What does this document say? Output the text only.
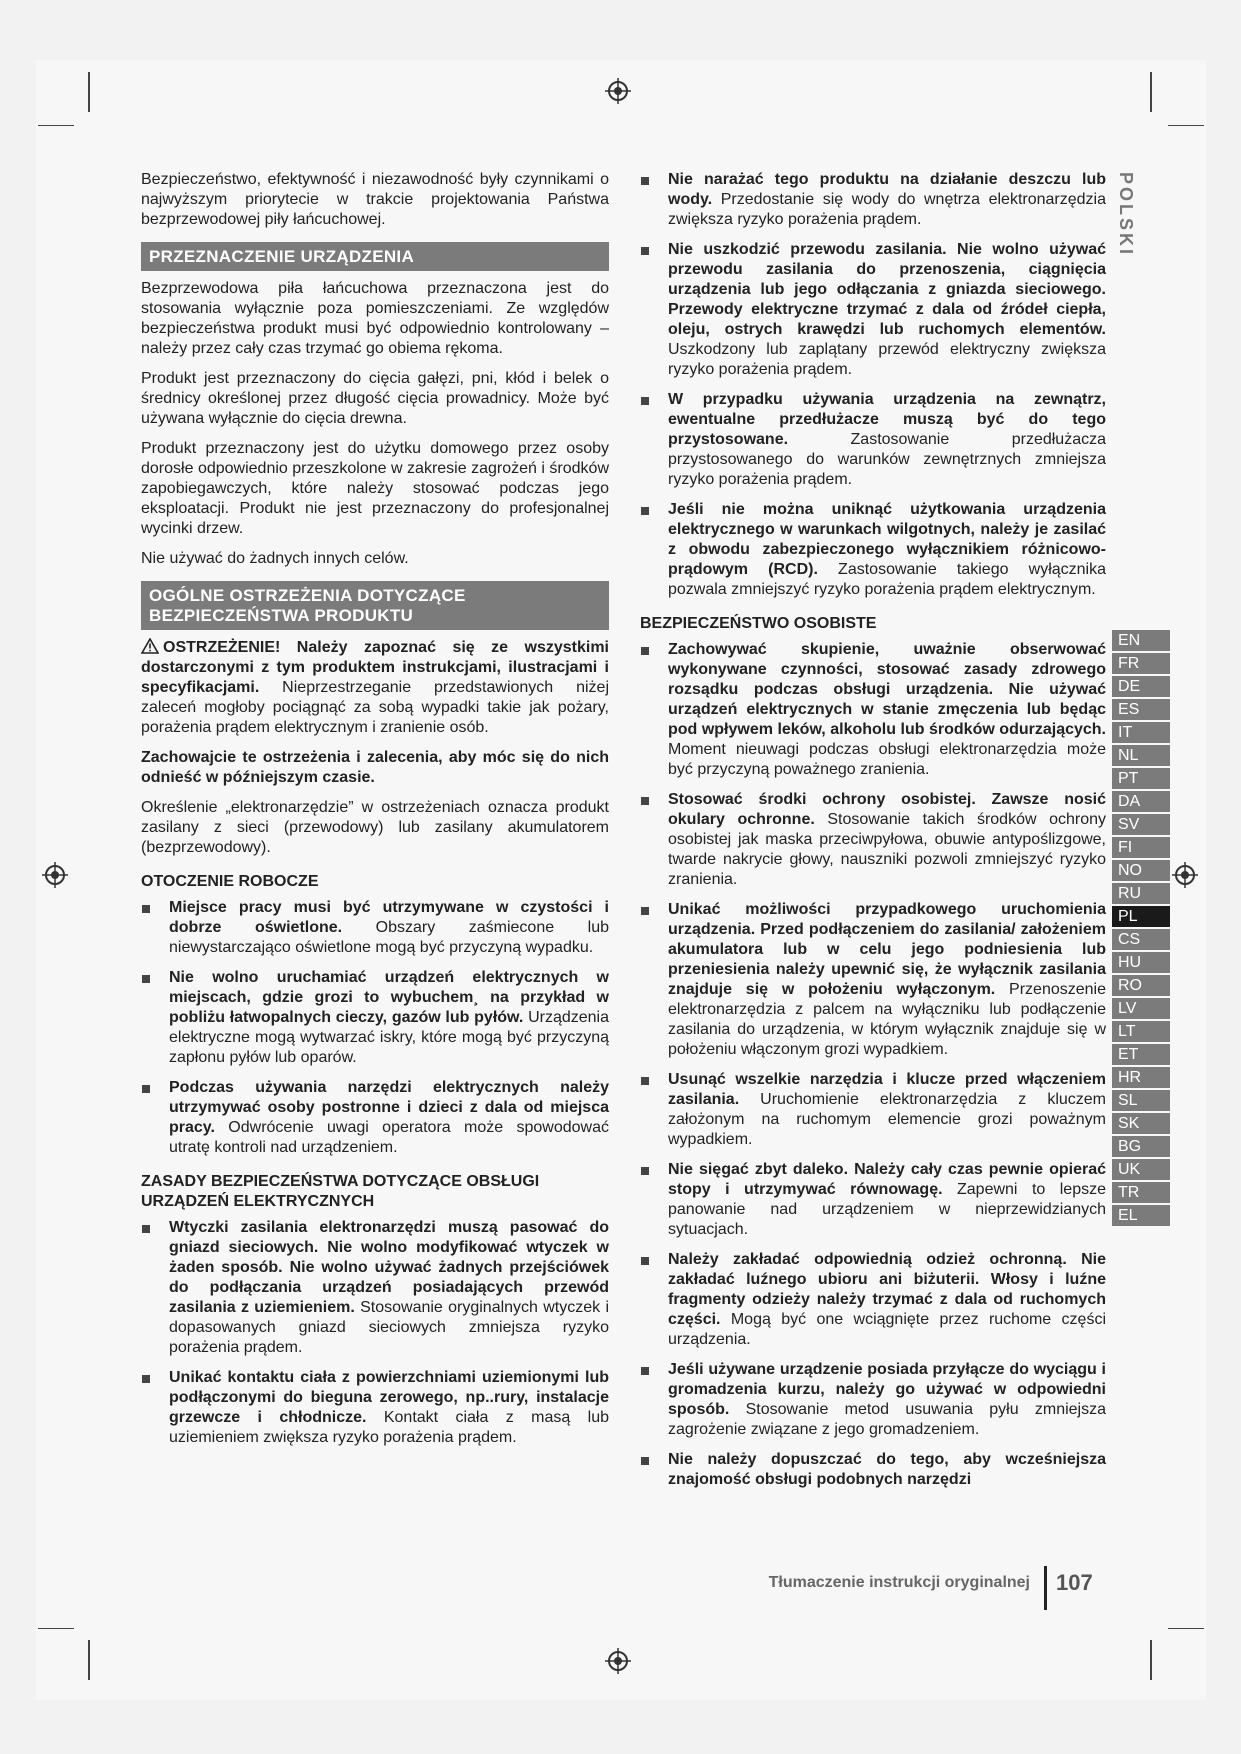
Bezpieczeństwo, efektywność i niezawodność były czynnikami o najwyższym priorytecie w trakcie projektowania Państwa bezprzewodowej piły łańcuchowej.

PRZEZNACZENIE URZĄDZENIA

Bezprzewodowa piła łańcuchowa przeznaczona jest do stosowania wyłącznie poza pomieszczeniami. Ze względów bezpieczeństwa produkt musi być odpowiednio kontrolowany – należy przez cały czas trzymać go obiema rękoma.

Produkt jest przeznaczony do cięcia gałęzi, pni, kłód i belek o średnicy określonej przez długość cięcia prowadnicy. Może być używana wyłącznie do cięcia drewna.

Produkt przeznaczony jest do użytku domowego przez osoby dorosłe odpowiednio przeszkolone w zakresie zagrożeń i środków zapobiegawczych, które należy stosować podczas jego eksploatacji. Produkt nie jest przeznaczony do profesjonalnej wycinki drzew.

Nie używać do żadnych innych celów.

OGÓLNE OSTRZEŻENIA DOTYCZĄCE
BEZPIECZEŃSTWA PRODUKTU

OSTRZEŻENIE! Należy zapoznać się ze wszystkimi dostarczonymi z tym produktem instrukcjami, ilustracjami i specyfikacjami. Nieprzestrzeganie przedstawionych niżej zaleceń mogłoby pociągnąć za sobą wypadki takie jak pożary, porażenia prądem elektrycznym i zranienie osób.

Zachowajcie te ostrzeżenia i zalecenia, aby móc się do nich odnieść w późniejszym czasie.

Określenie „elektronarzędzie” w ostrzeżeniach oznacza produkt zasilany z sieci (przewodowy) lub zasilany akumulatorem (bezprzewodowy).

OTOCZENIE ROBOCZE
Miejsce pracy musi być utrzymywane w czystości i dobrze oświetlone. Obszary zaśmiecone lub niewystarczająco oświetlone mogą być przyczyną wypadku.
Nie wolno uruchamiać urządzeń elektrycznych w miejscach, gdzie grozi to wybuchem¸ na przykład w pobliżu łatwopalnych cieczy, gazów lub pyłów. Urządzenia elektryczne mogą wytwarzać iskry, które mogą być przyczyną zapłonu pyłów lub oparów.
Podczas używania narzędzi elektrycznych należy utrzymywać osoby postronne i dzieci z dala od miejsca pracy. Odwrócenie uwagi operatora może spowodować utratę kontroli nad urządzeniem.
ZASADY BEZPIECZEŃSTWA DOTYCZĄCE OBSŁUGI URZĄDZEŃ ELEKTRYCZNYCH
Wtyczki zasilania elektronarzędzi muszą pasować do gniazd sieciowych. Nie wolno modyfikować wtyczek w żaden sposób. Nie wolno używać żadnych przejściówek do podłączania urządzeń posiadających przewód zasilania z uziemieniem. Stosowanie oryginalnych wtyczek i dopasowanych gniazd sieciowych zmniejsza ryzyko porażenia prądem.
Unikać kontaktu ciała z powierzchniami uziemionymi lub podłączonymi do bieguna zerowego, np..rury, instalacje grzewcze i chłodnicze. Kontakt ciała z masą lub uziemieniem zwiększa ryzyko porażenia prądem.
Nie narażać tego produktu na działanie deszczu lub wody. Przedostanie się wody do wnętrza elektronarzędzia zwiększa ryzyko porażenia prądem.
Nie uszkodzić przewodu zasilania. Nie wolno używać przewodu zasilania do przenoszenia, ciągnięcia urządzenia lub jego odłączania z gniazda sieciowego. Przewody elektryczne trzymać z dala od źródeł ciepła, oleju, ostrych krawędzi lub ruchomych elementów. Uszkodzony lub zaplątany przewód elektryczny zwiększa ryzyko porażenia prądem.
W przypadku używania urządzenia na zewnątrz, ewentualne przedłużacze muszą być do tego przystosowane. Zastosowanie przedłużacza przystosowanego do warunków zewnętrznych zmniejsza ryzyko porażenia prądem.
Jeśli nie można uniknąć użytkowania urządzenia elektrycznego w warunkach wilgotnych, należy je zasilać z obwodu zabezpieczonego wyłącznikiem różnicowo-prądowym (RCD). Zastosowanie takiego wyłącznika pozwala zmniejszyć ryzyko porażenia prądem elektrycznym.
BEZPIECZEŃSTWO OSOBISTE
Zachowywać skupienie, uważnie obserwować wykonywane czynności, stosować zasady zdrowego rozsądku podczas obsługi urządzenia. Nie używać urządzeń elektrycznych w stanie zmęczenia lub będąc pod wpływem leków, alkoholu lub środków odurzających. Moment nieuwagi podczas obsługi elektronarzędzia może być przyczyną poważnego zranienia.
Stosować środki ochrony osobistej. Zawsze nosić okulary ochronne. Stosowanie takich środków ochrony osobistej jak maska przeciwpyłowa, obuwie antypoślizgowe, twarde nakrycie głowy, nauszniki pozwoli zmniejszyć ryzyko zranienia.
Unikać możliwości przypadkowego uruchomienia urządzenia. Przed podłączeniem do zasilania/ założeniem akumulatora lub w celu jego podniesienia lub przeniesienia należy upewnić się, że wyłącznik zasilania znajduje się w położeniu wyłączonym. Przenoszenie elektronarzędzia z palcem na wyłączniku lub podłączenie zasilania do urządzenia, w którym wyłącznik znajduje się w położeniu włączonym grozi wypadkiem.
Usunąć wszelkie narzędzia i klucze przed włączeniem zasilania. Uruchomienie elektronarzędzia z kluczem założonym na ruchomym elemencie grozi poważnym wypadkiem.
Nie sięgać zbyt daleko. Należy cały czas pewnie opierać stopy i utrzymywać równowagę. Zapewni to lepsze panowanie nad urządzeniem w nieprzewidzianych sytuacjach.
Należy zakładać odpowiednią odzież ochronną. Nie zakładać luźnego ubioru ani biżuterii. Włosy i luźne fragmenty odzieży należy trzymać z dala od ruchomych części. Mogą być one wciągnięte przez ruchome części urządzenia.
Jeśli używane urządzenie posiada przyłącze do wyciągu i gromadzenia kurzu, należy go używać w odpowiedni sposób. Stosowanie metod usuwania pyłu zmniejsza zagrożenie związane z jego gromadzeniem.
Nie należy dopuszczać do tego, aby wcześniejsza znajomość obsługi podobnych narzędzi
POLSKI
EN
FR
DE
ES
IT
NL
PT
DA
SV
FI
NO
RU
PL
CS
HU
RO
LV
LT
ET
HR
SL
SK
BG
UK
TR
EL
Tłumaczenie instrukcji oryginalnej 107
